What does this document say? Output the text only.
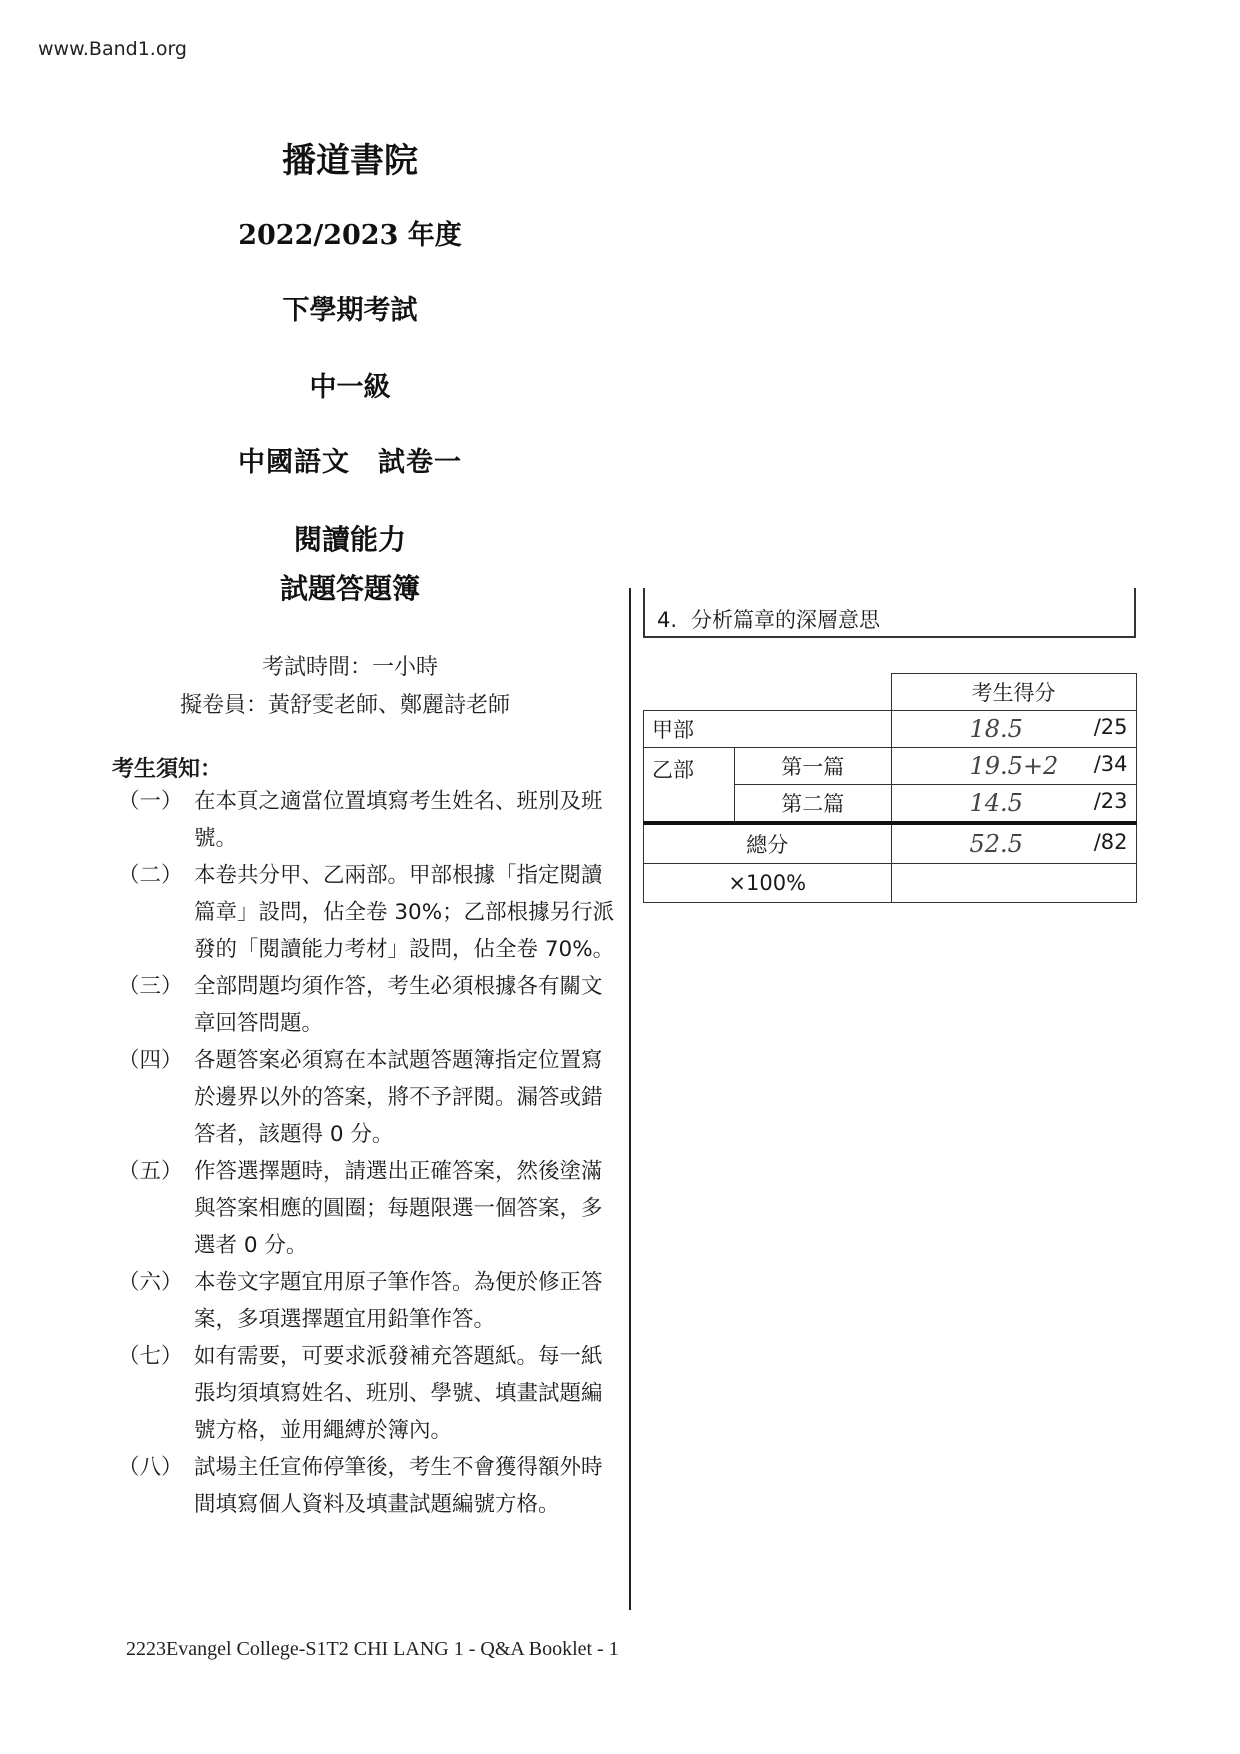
www.Band1.org
播道書院
2022/2023 年度
下學期考試
中一級
中國語文　試卷一
閱讀能力
試題答題簿
考試時間：一小時
擬卷員：黃舒雯老師、鄭麗詩老師
考生須知：
（一） 在本頁之適當位置填寫考生姓名、班別及班號。
（二） 本卷共分甲、乙兩部。甲部根據「指定閱讀篇章」設問，佔全卷 30%；乙部根據另行派發的「閱讀能力考材」設問，佔全卷 70%。
（三） 全部問題均須作答，考生必須根據各有關文章回答問題。
（四） 各題答案必須寫在本試題答題簿指定位置寫於邊界以外的答案，將不予評閱。漏答或錯答者，該題得 0 分。
（五） 作答選擇題時，請選出正確答案，然後塗滿與答案相應的圓圈；每題限選一個答案，多選者 0 分。
（六） 本卷文字題宜用原子筆作答。為便於修正答案，多項選擇題宜用鉛筆作答。
（七） 如有需要，可要求派發補充答題紙。每一紙張均須填寫姓名、班別、學號、填畫試題編號方格，並用繩縛於簿內。
（八） 試場主任宣佈停筆後，考生不會獲得額外時間填寫個人資料及填畫試題編號方格。
4. 分析篇章的深層意思
		考生得分
甲部		18.5 /25

乙部	第一篇	19.5+2 /34

	第二篇	14.5 /23

總分		52.5 /82

×100%		
2223Evangel College-S1T2 CHI LANG 1 - Q&A Booklet - 1
